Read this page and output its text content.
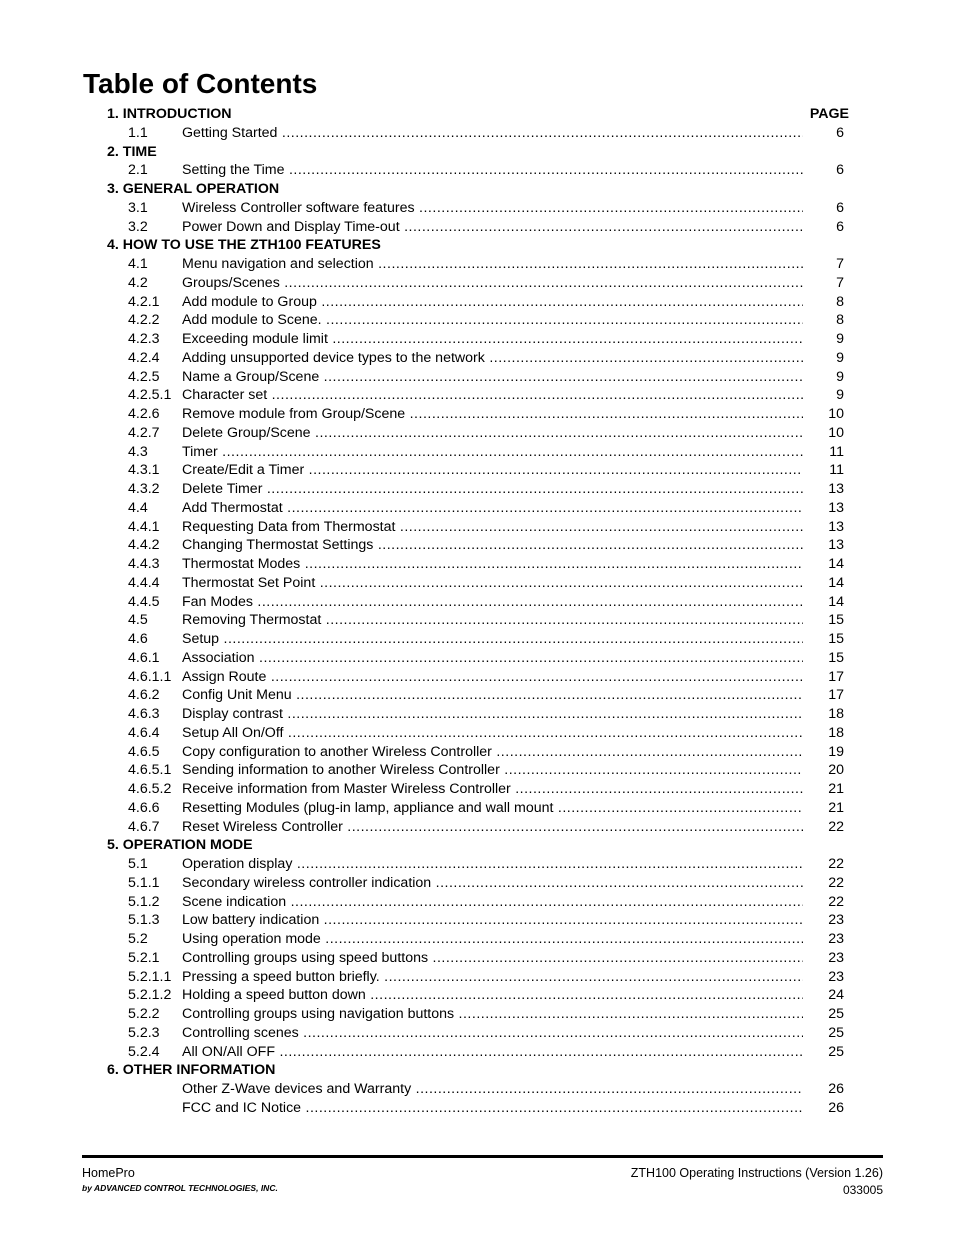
Table of Contents
1. INTRODUCTION	PAGE
1.1 Getting Started .....	6
2. TIME
2.1 Setting the Time .....	6
3. GENERAL OPERATION
3.1 Wireless Controller software features .....	6
3.2 Power Down and Display Time-out .....	6
4. HOW TO USE THE ZTH100 FEATURES
4.1 Menu navigation and selection .....	7
4.2 Groups/Scenes .....	7
4.2.1 Add module to Group .....	8
4.2.2 Add module to Scene. .....	8
4.2.3 Exceeding module limit .....	9
4.2.4 Adding unsupported device types to the network .....	9
4.2.5 Name a Group/Scene .....	9
4.2.5.1 Character set .....	9
4.2.6 Remove module from Group/Scene .....	10
4.2.7 Delete Group/Scene .....	10
4.3 Timer .....	11
4.3.1 Create/Edit a Timer .....	11
4.3.2 Delete Timer .....	13
4.4 Add Thermostat .....	13
4.4.1 Requesting Data from Thermostat .....	13
4.4.2 Changing Thermostat Settings .....	13
4.4.3 Thermostat Modes .....	14
4.4.4 Thermostat Set Point .....	14
4.4.5 Fan Modes .....	14
4.5 Removing Thermostat .....	15
4.6 Setup .....	15
4.6.1 Association .....	15
4.6.1.1 Assign Route .....	17
4.6.2 Config Unit Menu .....	17
4.6.3 Display contrast .....	18
4.6.4 Setup All On/Off .....	18
4.6.5 Copy configuration to another Wireless Controller .....	19
4.6.5.1 Sending information to another Wireless Controller .....	20
4.6.5.2 Receive information from Master Wireless Controller .....	21
4.6.6 Resetting Modules (plug-in lamp, appliance and wall mount .....	21
4.6.7 Reset Wireless Controller .....	22
5. OPERATION MODE
5.1 Operation display .....	22
5.1.1 Secondary wireless controller indication .....	22
5.1.2 Scene indication .....	22
5.1.3 Low battery indication .....	23
5.2 Using operation mode .....	23
5.2.1 Controlling groups using speed buttons .....	23
5.2.1.1 Pressing a speed button briefly. .....	23
5.2.1.2 Holding a speed button down .....	24
5.2.2 Controlling groups using navigation buttons .....	25
5.2.3 Controlling scenes .....	25
5.2.4 All ON/All OFF .....	25
6. OTHER INFORMATION
Other Z-Wave devices and Warranty .....	26
FCC and IC Notice .....	26
HomePro
by ADVANCED CONTROL TECHNOLOGIES, INC.
ZTH100 Operating Instructions (Version 1.26)
033005
